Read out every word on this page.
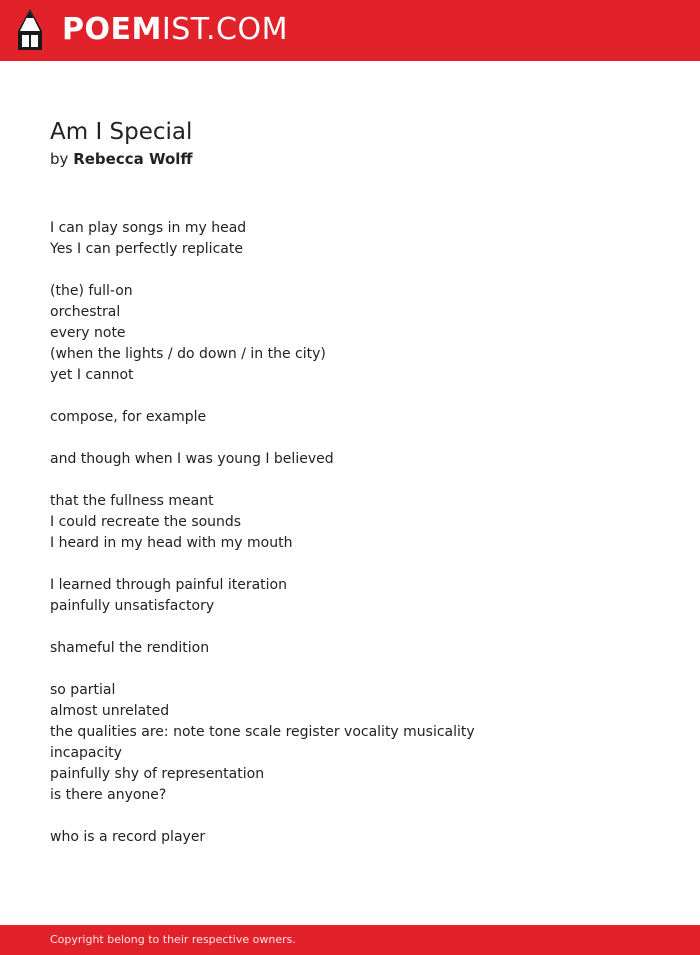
POEMIST.COM
Am I Special
by Rebecca Wolff
I can play songs in my head
Yes I can perfectly replicate
(the) full-on
orchestral
every note
(when the lights / do down / in the city)
yet I cannot
compose, for example
and though when I was young I believed
that the fullness meant
I could recreate the sounds
I heard in my head with my mouth
I learned through painful iteration
painfully unsatisfactory
shameful the rendition
so partial
almost unrelated
the qualities are: note tone scale register vocality musicality
incapacity
painfully shy of representation
is there anyone?
who is a record player
Copyright belong to their respective owners.
